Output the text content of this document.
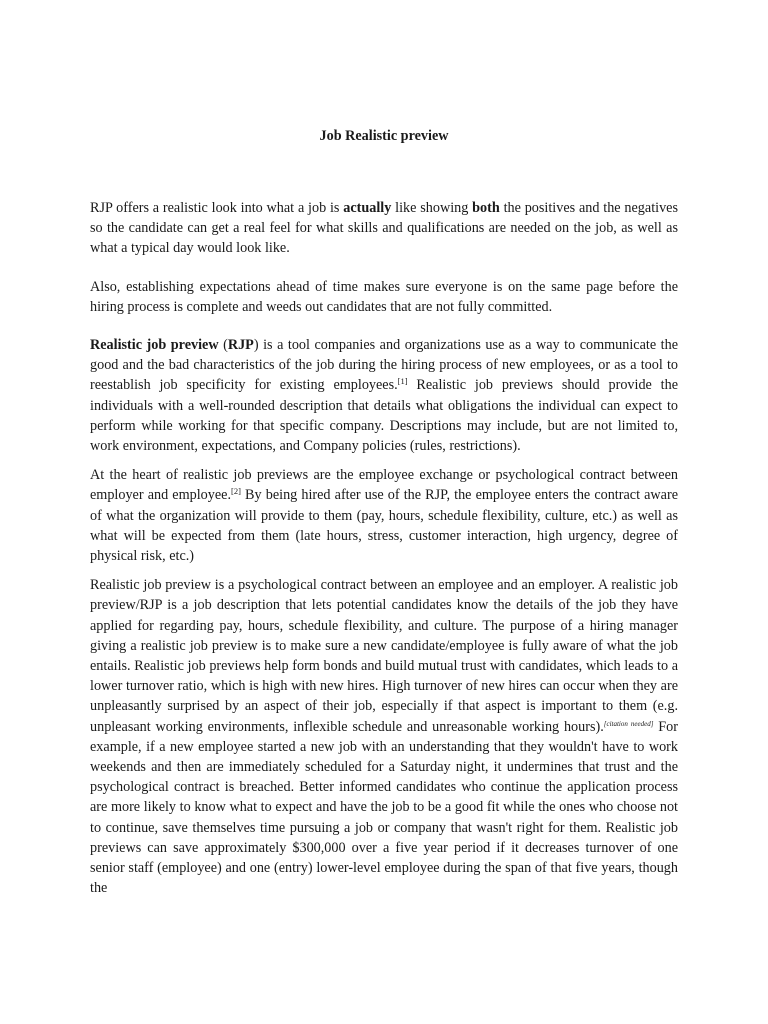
Job Realistic preview

RJP offers a realistic look into what a job is actually like showing both the positives and the negatives so the candidate can get a real feel for what skills and qualifications are needed on the job, as well as what a typical day would look like.

Also, establishing expectations ahead of time makes sure everyone is on the same page before the hiring process is complete and weeds out candidates that are not fully committed.

Realistic job preview (RJP) is a tool companies and organizations use as a way to communicate the good and the bad characteristics of the job during the hiring process of new employees, or as a tool to reestablish job specificity for existing employees.[1] Realistic job previews should provide the individuals with a well-rounded description that details what obligations the individual can expect to perform while working for that specific company. Descriptions may include, but are not limited to, work environment, expectations, and Company policies (rules, restrictions).

At the heart of realistic job previews are the employee exchange or psychological contract between employer and employee.[2] By being hired after use of the RJP, the employee enters the contract aware of what the organization will provide to them (pay, hours, schedule flexibility, culture, etc.) as well as what will be expected from them (late hours, stress, customer interaction, high urgency, degree of physical risk, etc.)

Realistic job preview is a psychological contract between an employee and an employer. A realistic job preview/RJP is a job description that lets potential candidates know the details of the job they have applied for regarding pay, hours, schedule flexibility, and culture. The purpose of a hiring manager giving a realistic job preview is to make sure a new candidate/employee is fully aware of what the job entails. Realistic job previews help form bonds and build mutual trust with candidates, which leads to a lower turnover ratio, which is high with new hires. High turnover of new hires can occur when they are unpleasantly surprised by an aspect of their job, especially if that aspect is important to them (e.g. unpleasant working environments, inflexible schedule and unreasonable working hours).[citation needed] For example, if a new employee started a new job with an understanding that they wouldn't have to work weekends and then are immediately scheduled for a Saturday night, it undermines that trust and the psychological contract is breached. Better informed candidates who continue the application process are more likely to know what to expect and have the job to be a good fit while the ones who choose not to continue, save themselves time pursuing a job or company that wasn't right for them. Realistic job previews can save approximately $300,000 over a five year period if it decreases turnover of one senior staff (employee) and one (entry) lower-level employee during the span of that five years, though the
